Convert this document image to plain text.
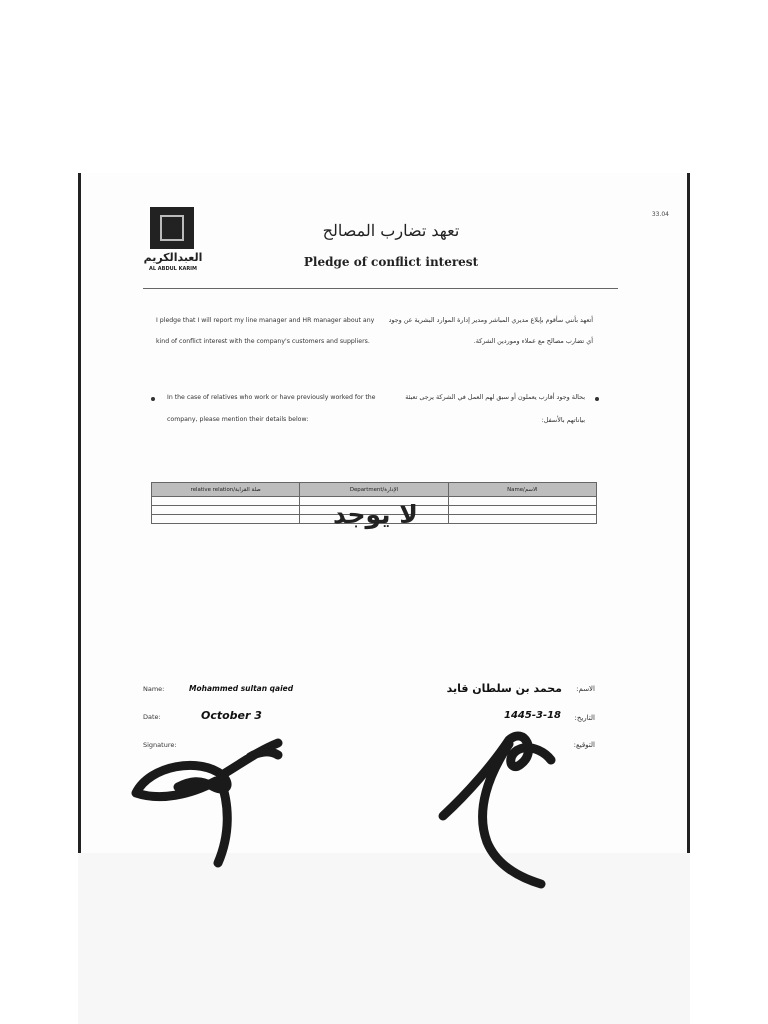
33.04
العبدالكريم
AL ABDUL KARIM
تعهد تضارب المصالح
Pledge of conflict interest
I pledge that I will report my line manager and HR manager about any
kind of conflict interest with the company's customers and suppliers.
أتعهد بأنني سأقوم بإبلاغ مديري المباشر ومدير إدارة الموارد البشرية عن وجود
أي تضارب مصالح مع عملاء وموردين الشركة.
In the case of relatives who work or have previously worked for the
company, please mention their details below:
بحالة وجود أقارب يعملون أو سبق لهم العمل في الشركة يرجى تعبئة
بياناتهم بالأسفل:
relative relation/صلة القرابة	Department/الإدارة	Name/الاسم

لا يوجد
Name:	Mohammed sultan qaied	محمد بن سلطان قايد الاسم:
Date:	October 3	1445-3-18 التاريخ:
Signature:	التوقيع:
